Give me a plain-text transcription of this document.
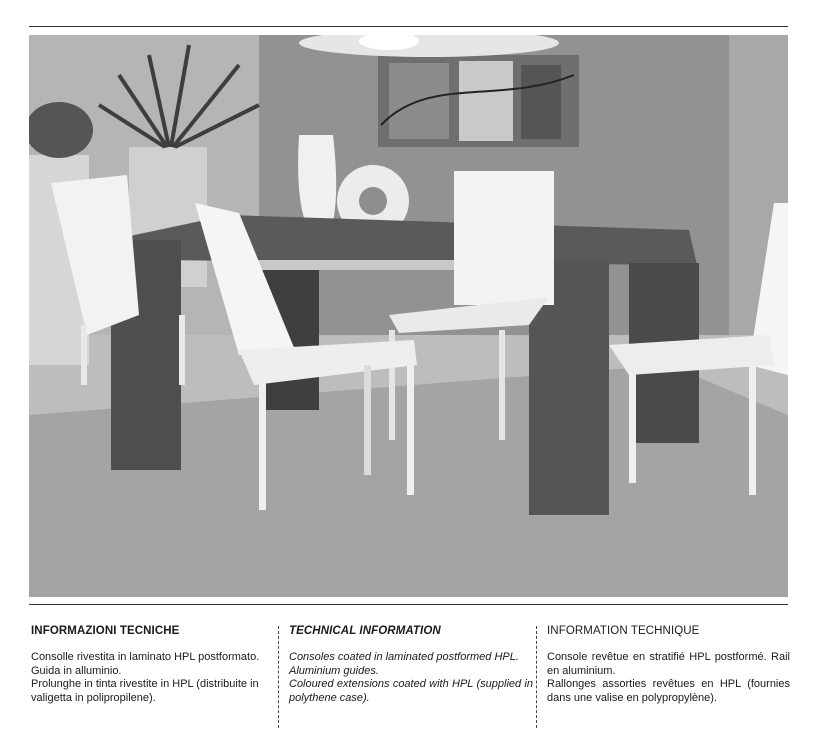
INFORMAZIONI TECNICHE

Consolle rivestita in laminato HPL postformato.

Guida in alluminio.

Prolunghe in tinta rivestite in HPL (distribuite in valigetta in polipropilene).

TECHNICAL INFORMATION

Consoles coated in laminated postformed HPL.

Aluminium guides.

Coloured extensions coated with HPL (supplied in polythene case).

INFORMATION TECHNIQUE

Console revêtue en stratifié HPL postformé. Rail en aluminium.

Rallonges assorties revêtues en HPL (fournies dans une valise en polypropylène).
